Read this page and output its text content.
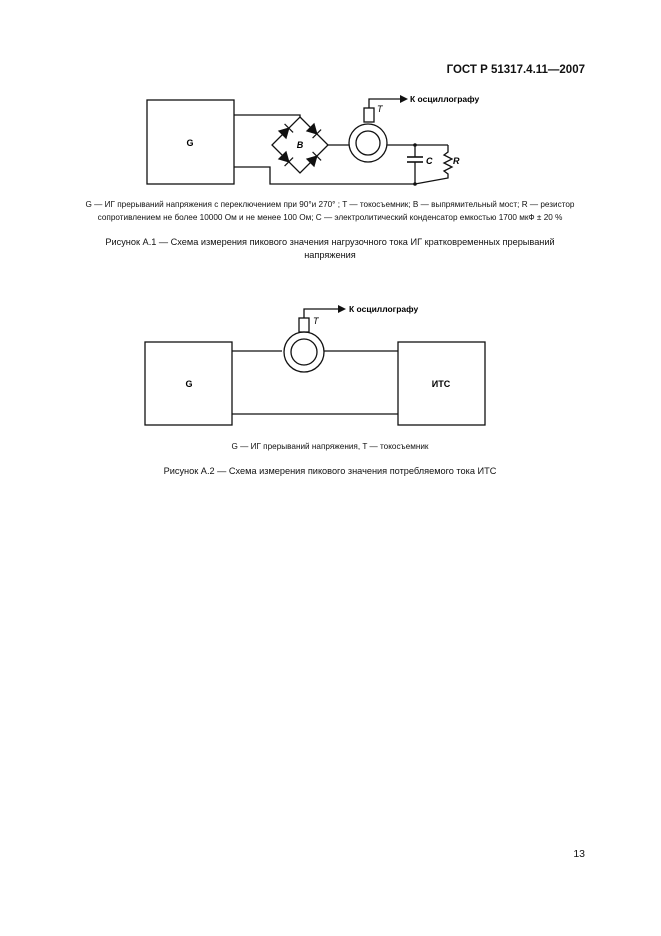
ГОСТ Р 51317.4.11—2007
G
T
B
C R
К осциллографу
G — ИГ прерываний напряжения с переключением при 90°и 270° ; T — токосъемник; B — выпрямительный мост; R — резистор
сопротивлением не более 10000 Ом и не менее 100 Ом; C — электролитический конденсатор емкостью 1700 мкФ ± 20 %
Рисунок А.1 — Схема измерения пикового значения нагрузочного тока ИГ кратковременных прерываний
напряжения
G	ИТС
T
К осциллографу
G — ИГ прерываний напряжения, T — токосъемник
Рисунок А.2 — Схема измерения пикового значения потребляемого тока ИТС
13
